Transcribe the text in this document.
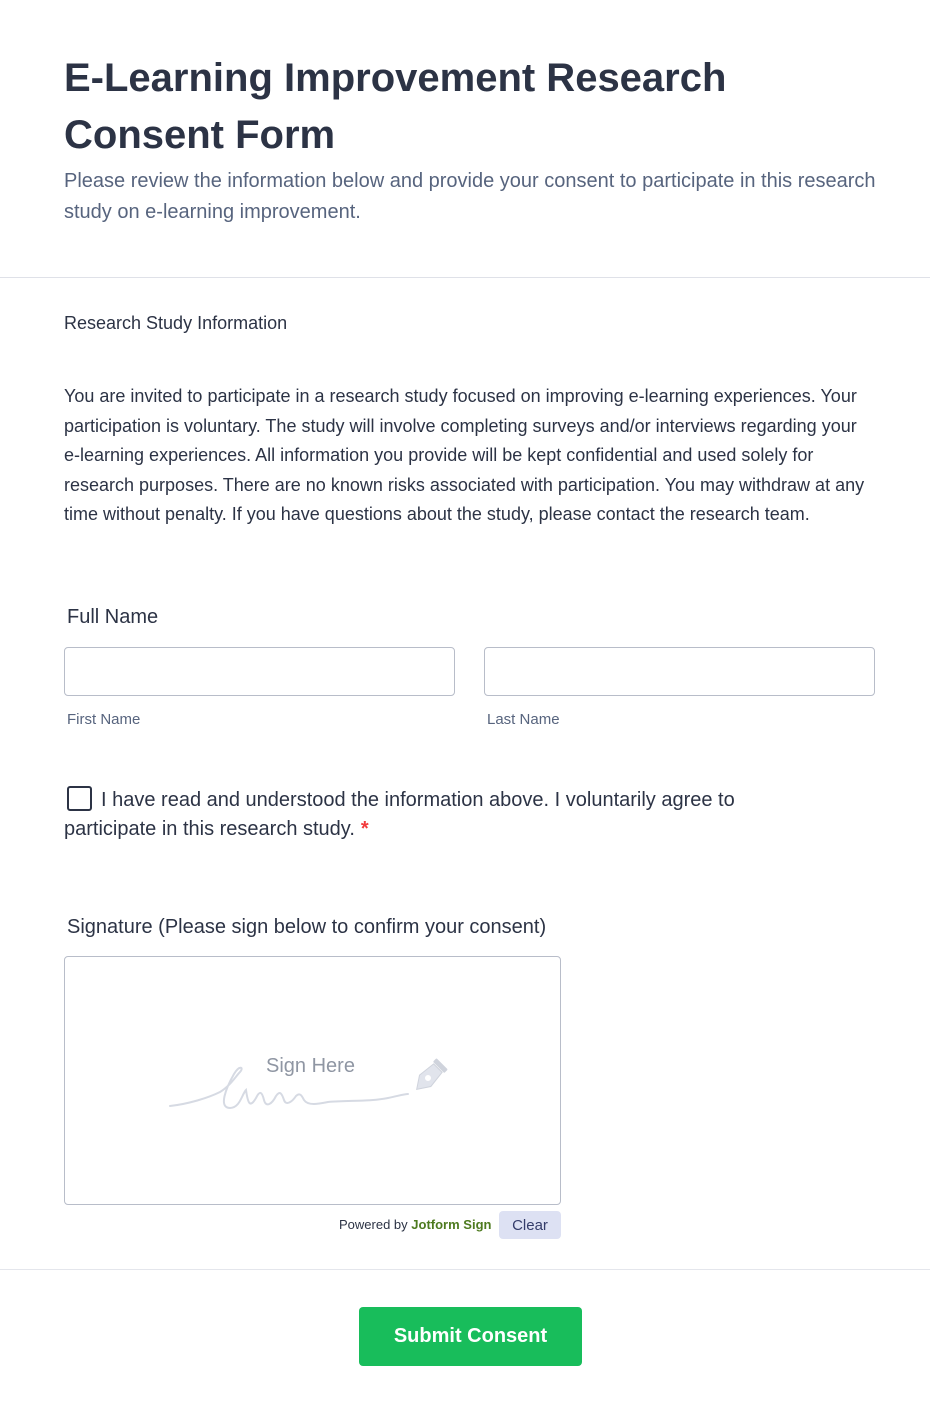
E-Learning Improvement Research Consent Form

Please review the information below and provide your consent to participate in this research study on e-learning improvement.

Research Study Information

You are invited to participate in a research study focused on improving e-learning experiences. Your participation is voluntary. The study will involve completing surveys and/or interviews regarding your e-learning experiences. All information you provide will be kept confidential and used solely for research purposes. There are no known risks associated with participation. You may withdraw at any time without penalty. If you have questions about the study, please contact the research team.

Full Name
First Name	Last Name
I have read and understood the information above. I voluntarily agree to participate in this research study. *
Signature (Please sign below to confirm your consent)
Sign Here
Powered by Jotform Sign	Clear
Submit Consent
